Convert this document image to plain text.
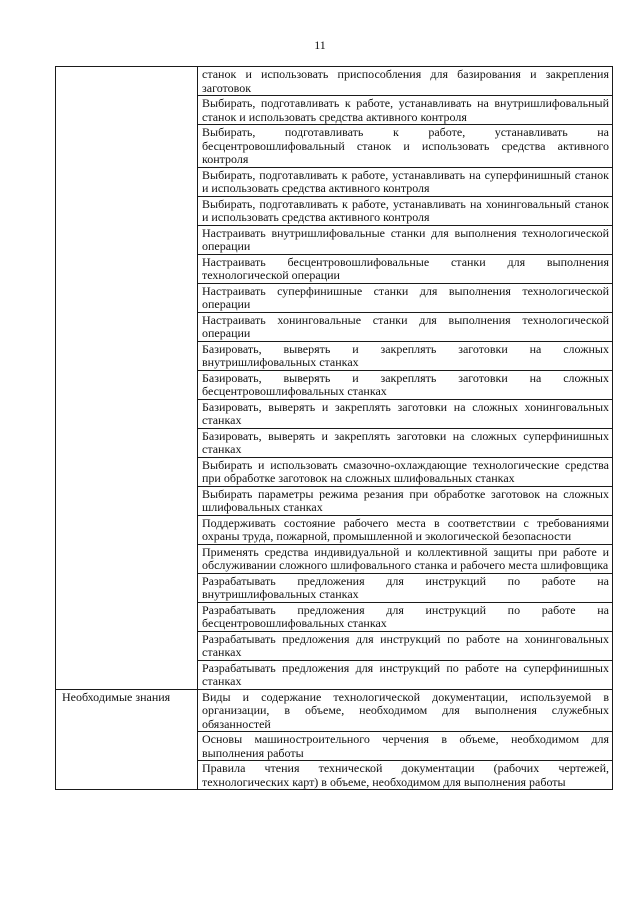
11
	станок и использовать приспособления для базирования и закрепления заготовок
	Выбирать, подготавливать к работе, устанавливать на внутришлифовальный станок и использовать средства активного контроля
	Выбирать, подготавливать к работе, устанавливать на бесцентровошлифовальный станок и использовать средства активного контроля
	Выбирать, подготавливать к работе, устанавливать на суперфинишный станок и использовать средства активного контроля
	Выбирать, подготавливать к работе, устанавливать на хонинговальный станок и использовать средства активного контроля
	Настраивать внутришлифовальные станки для выполнения технологической операции
	Настраивать бесцентровошлифовальные станки для выполнения технологической операции
	Настраивать суперфинишные станки для выполнения технологической операции
	Настраивать хонинговальные станки для выполнения технологической операции
	Базировать, выверять и закреплять заготовки на сложных внутришлифовальных станках
	Базировать, выверять и закреплять заготовки на сложных бесцентровошлифовальных станках
	Базировать, выверять и закреплять заготовки на сложных хонинговальных станках
	Базировать, выверять и закреплять заготовки на сложных суперфинишных станках
	Выбирать и использовать смазочно-охлаждающие технологические средства при обработке заготовок на сложных шлифовальных станках
	Выбирать параметры режима резания при обработке заготовок на сложных шлифовальных станках
	Поддерживать состояние рабочего места в соответствии с требованиями охраны труда, пожарной, промышленной и экологической безопасности
	Применять средства индивидуальной и коллективной защиты при работе и обслуживании сложного шлифовального станка и рабочего места шлифовщика
	Разрабатывать предложения для инструкций по работе на внутришлифовальных станках
	Разрабатывать предложения для инструкций по работе на бесцентровошлифовальных станках
	Разрабатывать предложения для инструкций по работе на хонинговальных станках
	Разрабатывать предложения для инструкций по работе на суперфинишных станках
Необходимые знания	Виды и содержание технологической документации, используемой в организации, в объеме, необходимом для выполнения служебных обязанностей
	Основы машиностроительного черчения в объеме, необходимом для выполнения работы
	Правила чтения технической документации (рабочих чертежей, технологических карт) в объеме, необходимом для выполнения работы
